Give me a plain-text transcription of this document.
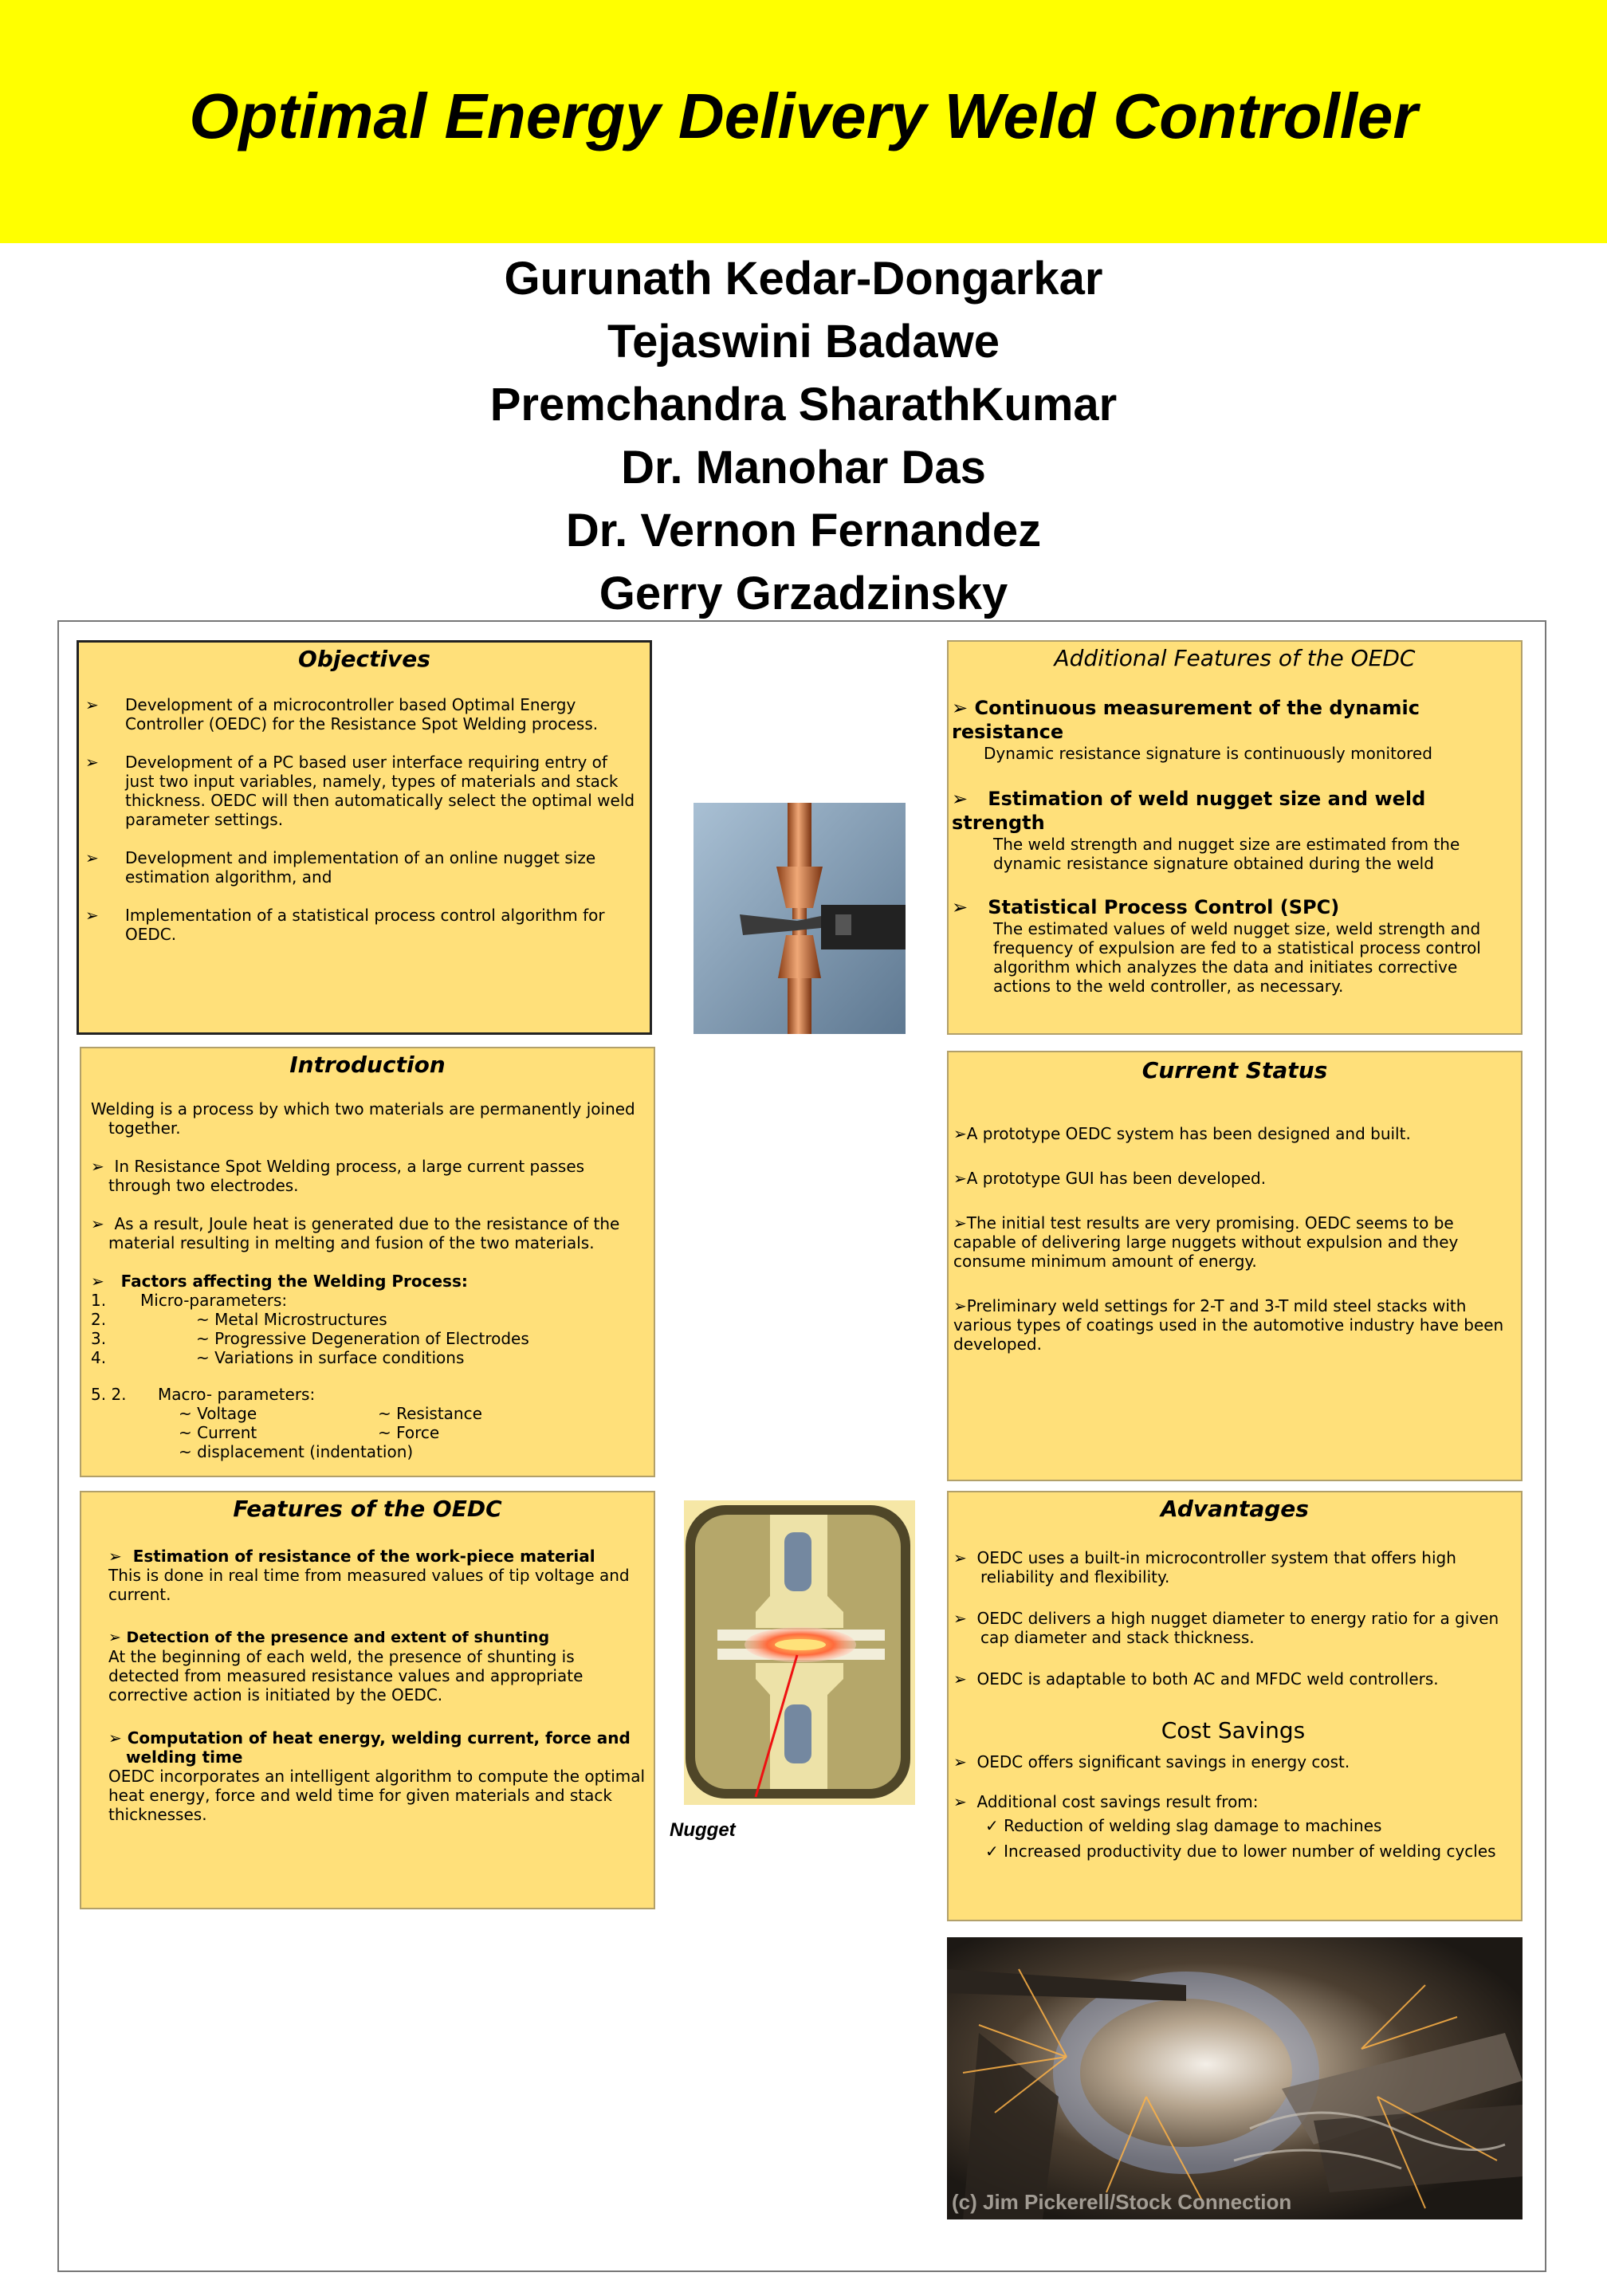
Optimal Energy Delivery Weld Controller
Gurunath Kedar-Dongarkar
Tejaswini Badawe
Premchandra SharathKumar
Dr. Manohar Das
Dr. Vernon Fernandez
Gerry Grzadzinsky
Objectives
➢ Development of a microcontroller based Optimal Energy Controller (OEDC) for the Resistance Spot Welding process.
➢ Development of a PC based user interface requiring entry of just two input variables, namely, types of materials and stack thickness. OEDC will then automatically select the optimal weld parameter settings.
➢ Development and implementation of an online nugget size estimation algorithm, and
➢ Implementation of a statistical process control algorithm for OEDC.
Additional Features of the OEDC
➢ Continuous measurement of the dynamic resistance
Dynamic resistance signature is continuously monitored
➢ Estimation of weld nugget size and weld strength
The weld strength and nugget size are estimated from the dynamic resistance signature obtained during the weld
➢ Statistical Process Control (SPC)
The estimated values of weld nugget size, weld strength and frequency of expulsion are fed to a statistical process control algorithm which analyzes the data and initiates corrective actions to the weld controller, as necessary.
Introduction
Welding is a process by which two materials are permanently joined together.
➢ In Resistance Spot Welding process, a large current passes through two electrodes.
➢ As a result, Joule heat is generated due to the resistance of the material resulting in melting and fusion of the two materials.
➢ Factors affecting the Welding Process:
1. Micro-parameters:
2.	~ Metal Microstructures
3.	~ Progressive Degeneration of Electrodes
4.	~ Variations in surface conditions
5. 2. Macro- parameters:
~ Voltage	~ Resistance
~ Current	~ Force
~ displacement (indentation)
Current Status
➢A prototype OEDC system has been designed and built.
➢A prototype GUI has been developed.
➢The initial test results are very promising. OEDC seems to be capable of delivering large nuggets without expulsion and they consume minimum amount of energy.
➢Preliminary weld settings for 2-T and 3-T mild steel stacks with various types of coatings used in the automotive industry have been developed.
Features of the OEDC
➢ Estimation of resistance of the work-piece material
This is done in real time from measured values of tip voltage and current.
➢ Detection of the presence and extent of shunting
At the beginning of each weld, the presence of shunting is detected from measured resistance values and appropriate corrective action is initiated by the OEDC.
➢ Computation of heat energy, welding current, force and welding time
OEDC incorporates an intelligent algorithm to compute the optimal heat energy, force and weld time for given materials and stack thicknesses.
Nugget
Advantages
➢ OEDC uses a built-in microcontroller system that offers high reliability and flexibility.
➢ OEDC delivers a high nugget diameter to energy ratio for a given cap diameter and stack thickness.
➢ OEDC is adaptable to both AC and MFDC weld controllers.
Cost Savings
➢ OEDC offers significant savings in energy cost.
➢ Additional cost savings result from:
✓ Reduction of welding slag damage to machines
✓ Increased productivity due to lower number of welding cycles
(c) Jim Pickerell/Stock Connection
